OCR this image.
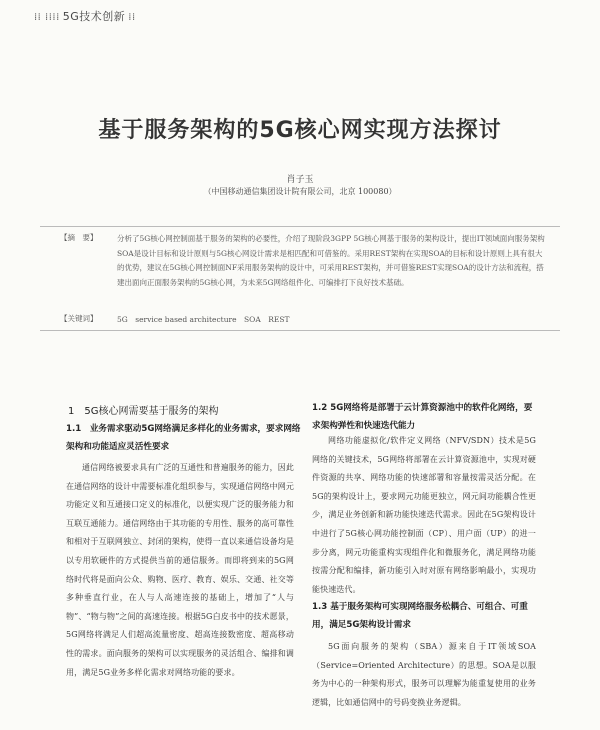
⁞⁞ ⁞⁞⁞⁞ 5G技术创新 ⁞⁞
基于服务架构的5G核心网实现方法探讨
肖子玉
（中国移动通信集团设计院有限公司，北京 100080）
【摘　要】	分析了5G核心网控制面基于服务的架构的必要性，介绍了现阶段3GPP 5G核心网基于服务的架构设计，提出IT领域面向服务架构SOA是设计目标和设计原则与5G核心网设计需求是相匹配和可借鉴的。采用REST架构在实现SOA的目标和设计原则上具有很大的优势，建议在5G核心网控制面NF采用服务架构的设计中，可采用REST架构，并可借鉴REST实现SOA的设计方法和流程，搭建出面向正面服务架构的5G核心网，为未来5G网络组件化、可编排打下良好技术基础。
【关键词】	5G　service based architecture　SOA　REST
1　5G核心网需要基于服务的架构
1.1　业务需求驱动5G网络满足多样化的业务需求，要求网络架构和功能适应灵活性要求
通信网络被要求具有广泛的互通性和普遍服务的能力，因此在通信网络的设计中需要标准化组织参与，实现通信网络中网元功能定义和互通接口定义的标准化，以便实现广泛的服务能力和互联互通能力。通信网络由于其功能的专用性、服务的高可靠性和相对于互联网独立、封闭的架构，使得一直以来通信设备均是以专用软硬件的方式提供当前的通信服务。而即将到来的5G网络时代将是面向公众、购物、医疗、教育、娱乐、交通、社交等多种垂直行业，在人与人高速连接的基础上，增加了“人与物”、“物与物”之间的高速连接。根据5G白皮书中的技术愿景，5G网络将满足人们超高流量密度、超高连接数密度、超高移动性的需求。面向服务的架构可以实现服务的灵活组合、编排和调用，满足5G业务多样化需求对网络功能的要求。
1.2 5G网络将是部署于云计算资源池中的软件化网络，要求架构弹性和快速迭代能力
网络功能虚拟化/软件定义网络（NFV/SDN）技术是5G网络的关键技术，5G网络将部署在云计算资源池中，实现对硬件资源的共享、网络功能的快速部署和容量按需灵活分配。在5G的架构设计上，要求网元功能更独立，网元间功能耦合性更少，满足业务创新和新功能快速迭代需求。因此在5G架构设计中进行了5G核心网功能控制面（CP）、用户面（UP）的进一步分离，网元功能重构实现组件化和微服务化，满足网络功能按需分配和编排，新功能引入时对原有网络影响最小，实现功能快速迭代。
1.3 基于服务架构可实现网络服务松耦合、可组合、可重用，满足5G架构设计需求
5G面向服务的架构（SBA）源来自于IT领域SOA（Service=Oriented Architecture）的思想。SOA是以服务为中心的一种架构形式，服务可以理解为能重复使用的业务逻辑，比如通信网中的号码变换业务逻辑。
